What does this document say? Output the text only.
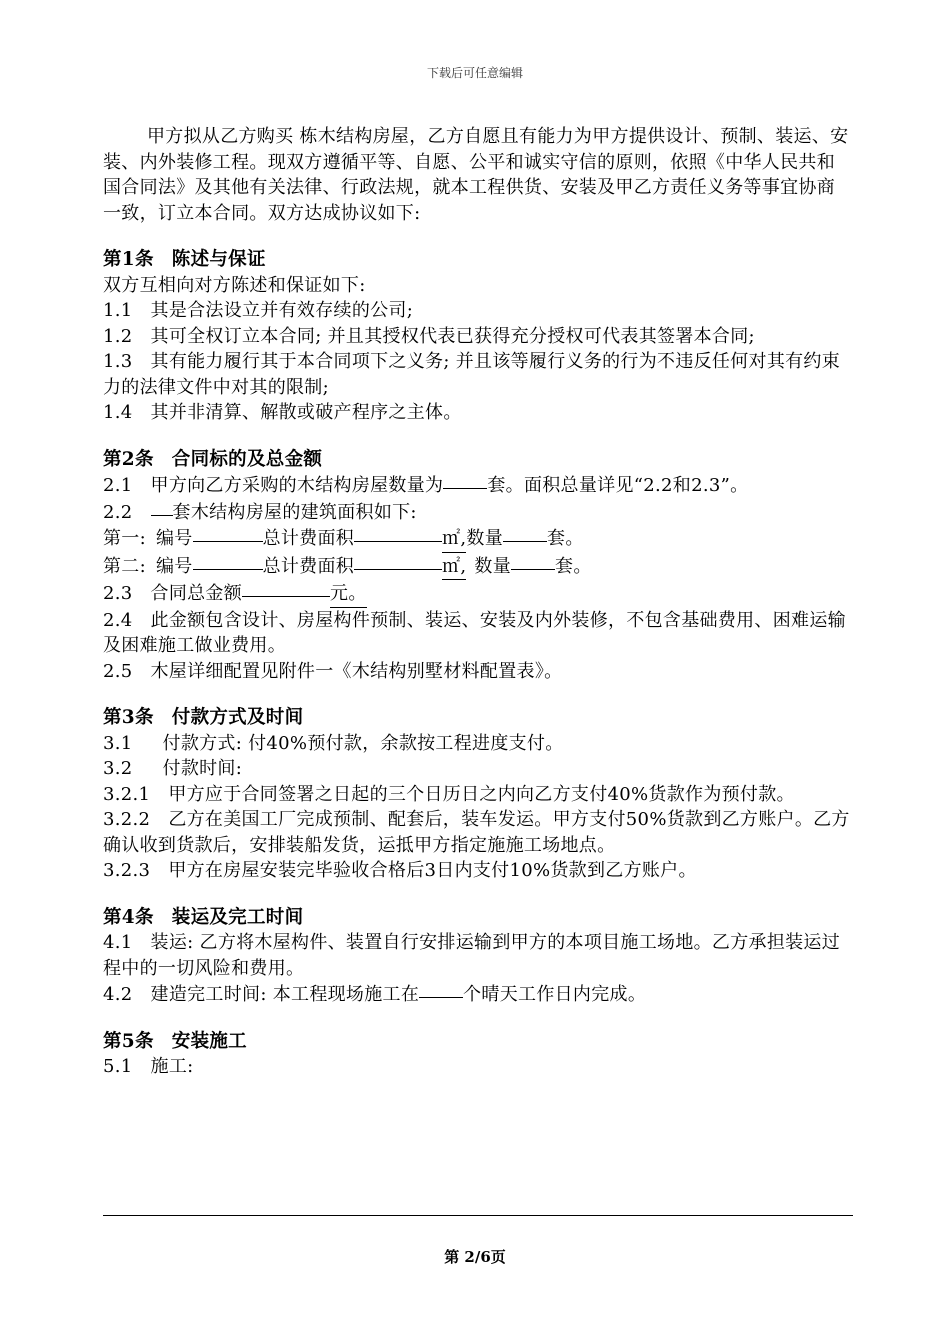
下载后可任意编辑

甲方拟从乙方购买 栋木结构房屋，乙方自愿且有能力为甲方提供设计、预制、装运、安装、内外装修工程。现双方遵循平等、自愿、公平和诚实守信的原则，依照《中华人民共和国合同法》及其他有关法律、行政法规，就本工程供货、安装及甲乙方责任义务等事宜协商一致，订立本合同。双方达成协议如下:

第1条 陈述与保证

双方互相向对方陈述和保证如下:

1.1 其是合法设立并有效存续的公司;

1.2 其可全权订立本合同; 并且其授权代表已获得充分授权可代表其签署本合同;

1.3 其有能力履行其于本合同项下之义务; 并且该等履行义务的行为不违反任何对其有约束力的法律文件中对其的限制;

1.4 其并非清算、解散或破产程序之主体。

第2条 合同标的及总金额

2.1 甲方向乙方采购的木结构房屋数量为 套。面积总量详见“2.2和2.3”。

2.2 套木结构房屋的建筑面积如下:

第一: 编号	总计费面积	㎡,数量 套。

第二: 编号	总计费面积	㎡, 数量 套。

2.3 合同总金额	元。

2.4 此金额包含设计、房屋构件预制、装运、安装及内外装修，不包含基础费用、困难运输及困难施工做业费用。

2.5 木屋详细配置见附件一《木结构别墅材料配置表》。

第3条 付款方式及时间

3.1 付款方式: 付40%预付款，余款按工程进度支付。

3.2 付款时间:

3.2.1 甲方应于合同签署之日起的三个日历日之内向乙方支付40%货款作为预付款。

3.2.2 乙方在美国工厂完成预制、配套后，装车发运。甲方支付50%货款到乙方账户。乙方确认收到货款后，安排装船发货，运抵甲方指定施施工场地点。

3.2.3 甲方在房屋安装完毕验收合格后3日内支付10%货款到乙方账户。

第4条 装运及完工时间

4.1 装运: 乙方将木屋构件、装置自行安排运输到甲方的本项目施工场地。乙方承担装运过程中的一切风险和费用。

4.2 建造完工时间: 本工程现场施工在 个晴天工作日内完成。

第5条 安装施工

5.1 施工:

第 2/6页
